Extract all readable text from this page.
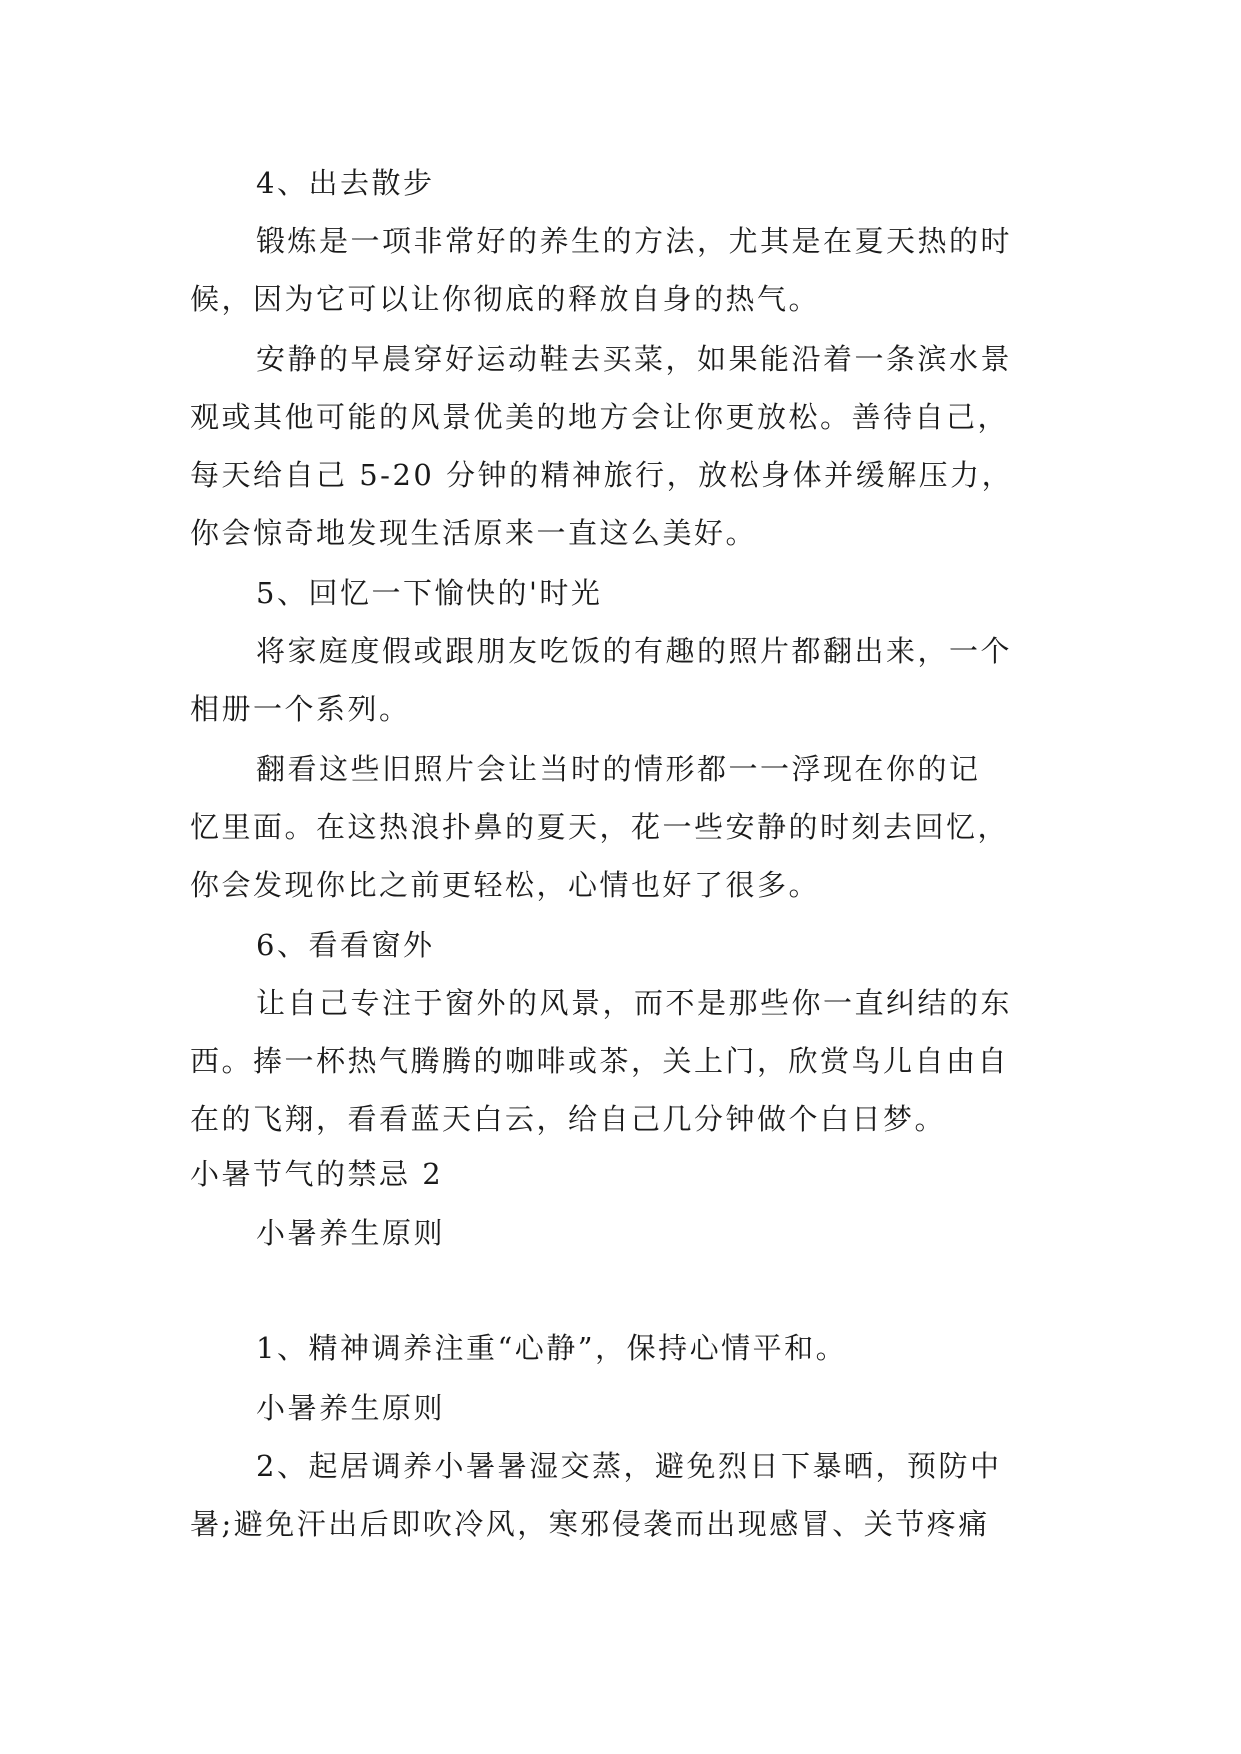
4、出去散步
锻炼是一项非常好的养生的方法，尤其是在夏天热的时
候，因为它可以让你彻底的释放自身的热气。
安静的早晨穿好运动鞋去买菜，如果能沿着一条滨水景
观或其他可能的风景优美的地方会让你更放松。善待自己，
每天给自己 5-20 分钟的精神旅行，放松身体并缓解压力，
你会惊奇地发现生活原来一直这么美好。
5、回忆一下愉快的'时光
将家庭度假或跟朋友吃饭的有趣的照片都翻出来，一个
相册一个系列。
翻看这些旧照片会让当时的情形都一一浮现在你的记
忆里面。在这热浪扑鼻的夏天，花一些安静的时刻去回忆，
你会发现你比之前更轻松，心情也好了很多。
6、看看窗外
让自己专注于窗外的风景，而不是那些你一直纠结的东
西。捧一杯热气腾腾的咖啡或茶，关上门，欣赏鸟儿自由自
在的飞翔，看看蓝天白云，给自己几分钟做个白日梦。
小暑节气的禁忌 2
小暑养生原则
1、精神调养注重“心静”，保持心情平和。
小暑养生原则
2、起居调养小暑暑湿交蒸，避免烈日下暴晒，预防中
暑;避免汗出后即吹冷风，寒邪侵袭而出现感冒、关节疼痛
